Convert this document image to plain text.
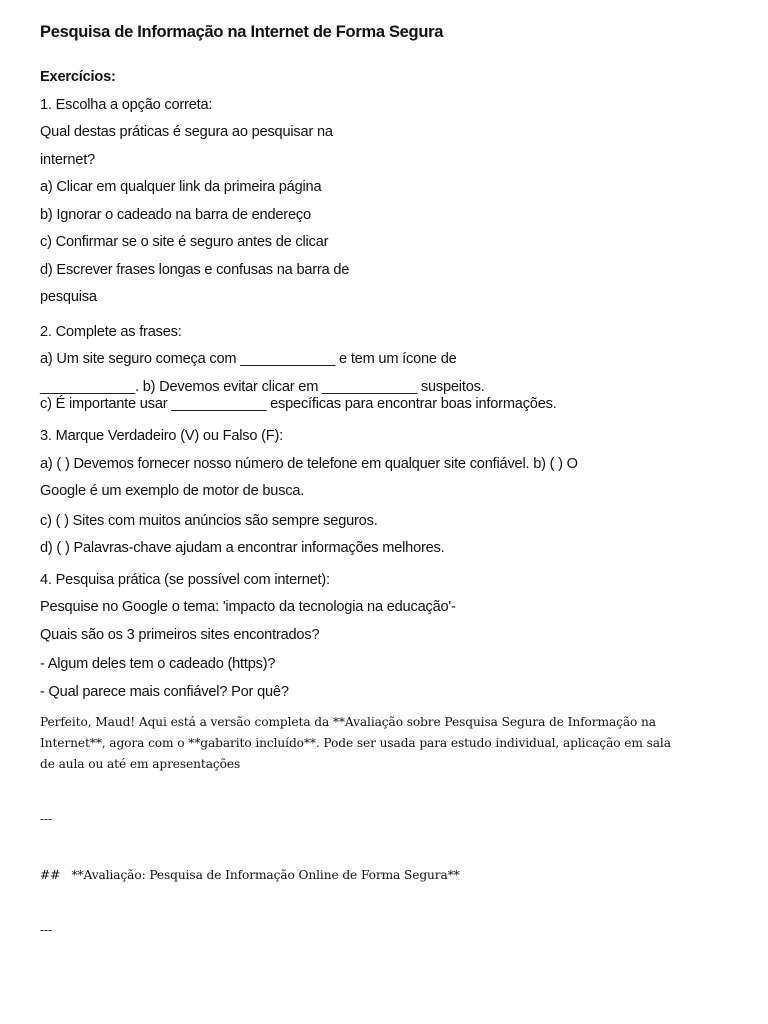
Pesquisa de Informação na Internet de Forma Segura

Exercícios:

1. Escolha a opção correta:

Qual destas práticas é segura ao pesquisar na

internet?

a) Clicar em qualquer link da primeira página

b) Ignorar o cadeado na barra de endereço

c) Confirmar se o site é seguro antes de clicar

d) Escrever frases longas e confusas na barra de

pesquisa

2. Complete as frases:

a) Um site seguro começa com ____________ e tem um ícone de

____________. b) Devemos evitar clicar em ____________ suspeitos.

c) É importante usar ____________ específicas para encontrar boas informações.

3. Marque Verdadeiro (V) ou Falso (F):

a) ( ) Devemos fornecer nosso número de telefone em qualquer site confiável. b) ( ) O

Google é um exemplo de motor de busca.

c) ( ) Sites com muitos anúncios são sempre seguros.

d) ( ) Palavras-chave ajudam a encontrar informações melhores.

4. Pesquisa prática (se possível com internet):

Pesquise no Google o tema: 'impacto da tecnologia na educação'-

Quais são os 3 primeiros sites encontrados?

- Algum deles tem o cadeado (https)?

- Qual parece mais confiável? Por quê?

Perfeito, Maud! Aqui está a versão completa da **Avaliação sobre Pesquisa Segura de Informação na Internet**, agora com o **gabarito incluído**. Pode ser usada para estudo individual, aplicação em sala de aula ou até em apresentações

---

##   **Avaliação: Pesquisa de Informação Online de Forma Segura**

---
